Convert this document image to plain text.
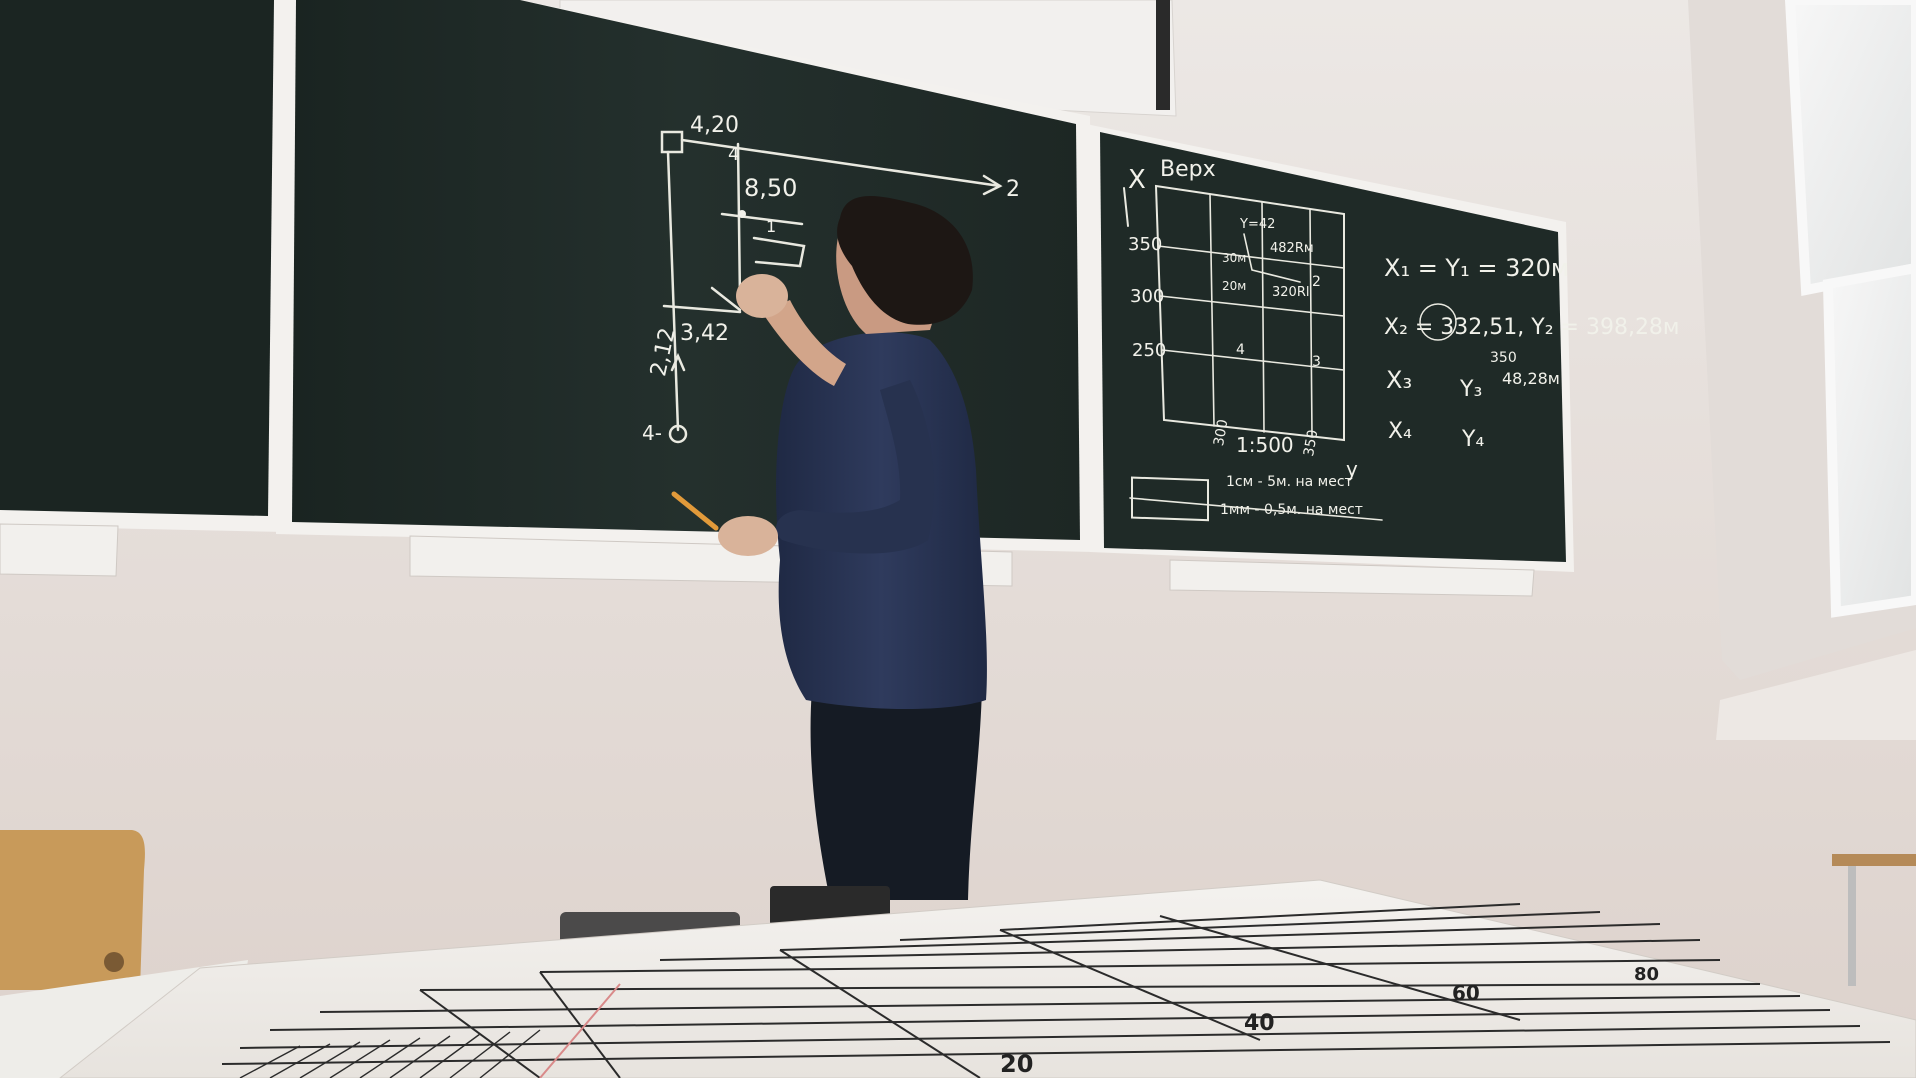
4,20
8,50
3,42
2,12
2
1
4
4-
X Верх
350
300
250
Y=42
482Rм
320Rl
20м
30м
2
4
3
1:500
1см - 5м. на мест
1мм - 0,5м. на мест
300	350
y
X₁ = Y₁ = 320м
X₂ = 332,51, Y₂ = 398,28м
350
48,28м
X₃ Y₃
X₄ Y₄
20
40
60
80
